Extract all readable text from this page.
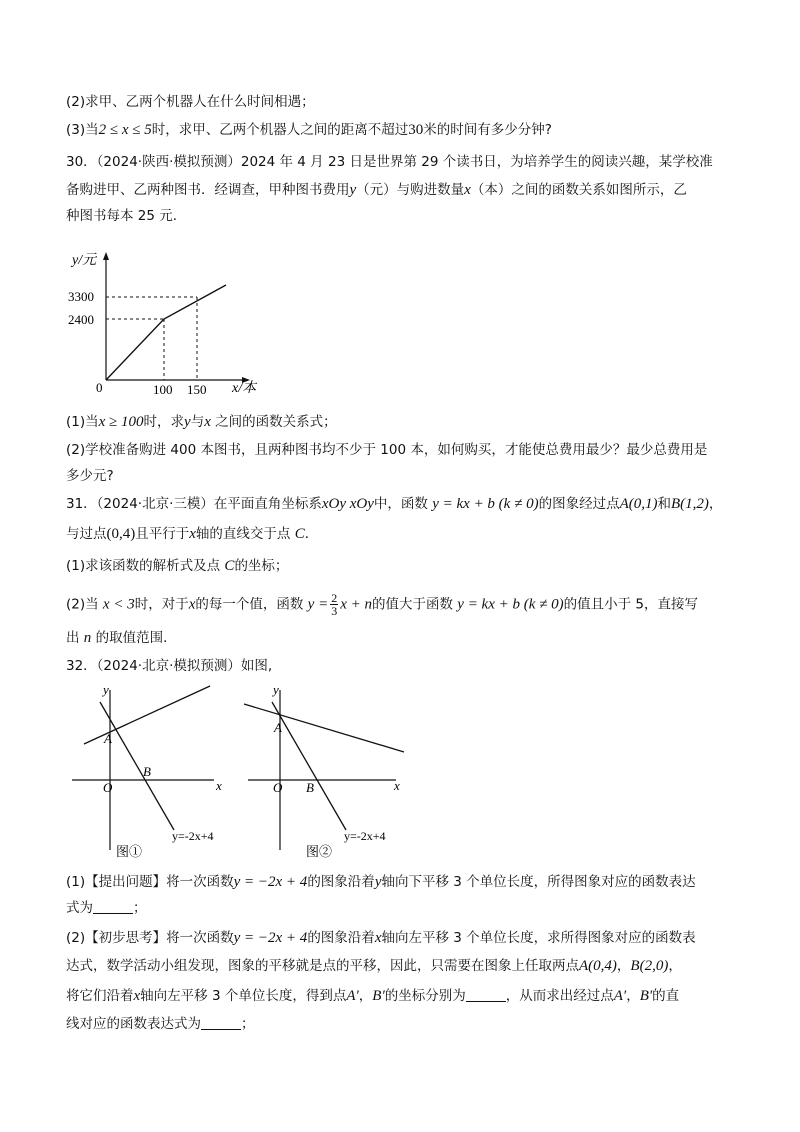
(2)求甲、乙两个机器人在什么时间相遇；
(3)当2 ≤ x ≤ 5时，求甲、乙两个机器人之间的距离不超过30米的时间有多少分钟?
30．（2024·陕西·模拟预测）2024 年 4 月 23 日是世界第 29 个读书日，为培养学生的阅读兴趣，某学校准
备购进甲、乙两种图书．经调查，甲种图书费用y（元）与购进数量x（本）之间的函数关系如图所示，乙
种图书每本 25 元．
y/元
x/本
0
3300
2400
100 150
(1)当x ≥ 100时，求y与x 之间的函数关系式；
(2)学校准备购进 400 本图书，且两种图书均不少于 100 本，如何购买，才能使总费用最少？最少总费用是
多少元?
31．（2024·北京·三模）在平面直角坐标系xOy xOy中，函数 y = kx + b (k ≠ 0)的图象经过点A(0,1)和B(1,2)，
与过点(0,4)且平行于x轴的直线交于点 C．
(1)求该函数的解析式及点 C的坐标；
(2)当 x < 3时，对于x的每一个值，函数 $y = \frac{2}{3}$ x + n的值大于函数 y = kx + b (k ≠ 0)的值且小于 5，直接写
出 n 的取值范围．
32．（2024·北京·模拟预测）如图,
y
x
O
A
B
y=-2x+4
图①
y
x
O
A
B
y=-2x+4
图②
(1)【提出问题】将一次函数y = −2x + 4的图象沿着y轴向下平移 3 个单位长度，所得图象对应的函数表达
式为	；
(2)【初步思考】将一次函数y = −2x + 4的图象沿着x轴向左平移 3 个单位长度，求所得图象对应的函数表
达式，数学活动小组发现，图象的平移就是点的平移，因此，只需要在图象上任取两点A(0,4)，B(2,0)，
将它们沿着x轴向左平移 3 个单位长度，得到点A′，B′的坐标分别为	，从而求出经过点A′，B′的直
线对应的函数表达式为	；
